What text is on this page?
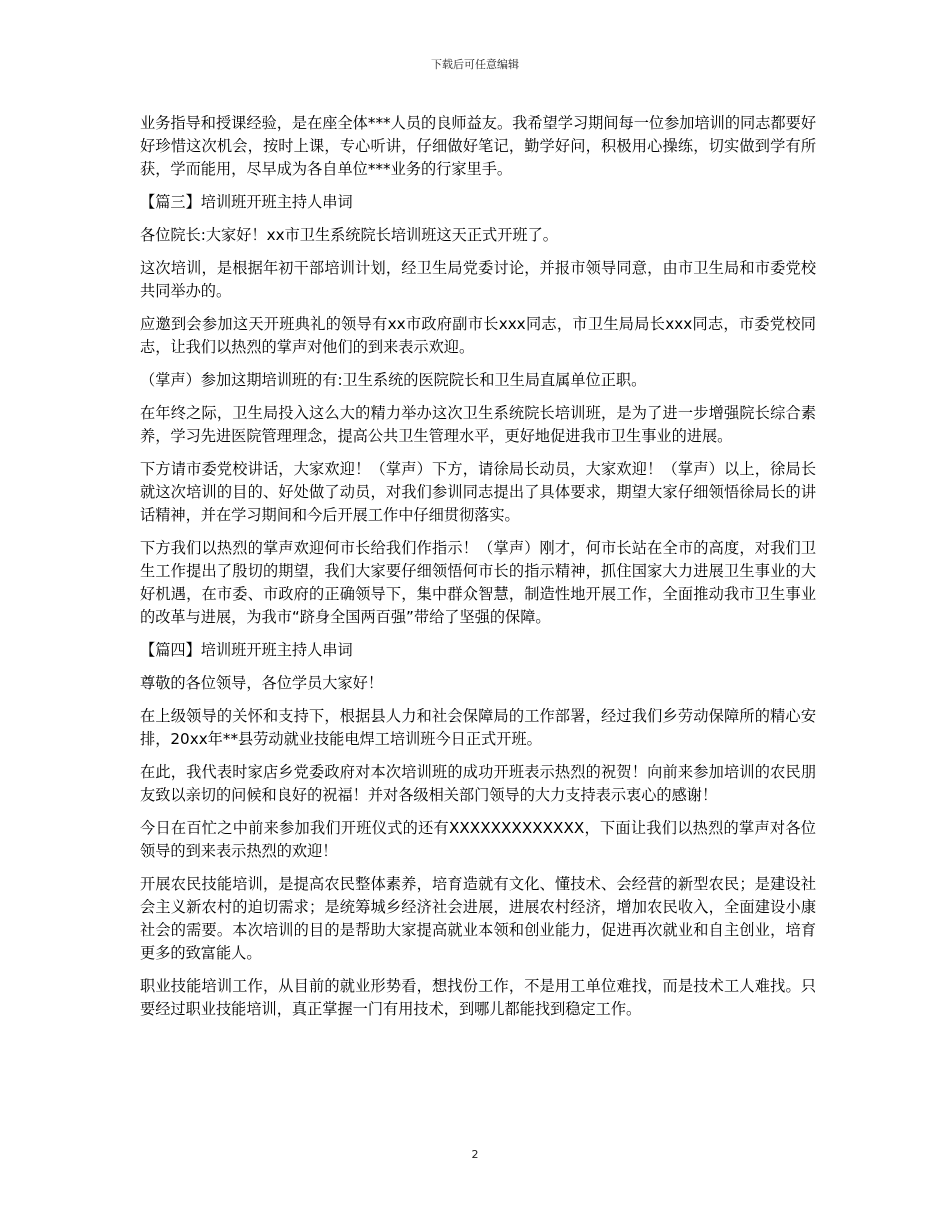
下载后可任意编辑

业务指导和授课经验，是在座全体***人员的良师益友。我希望学习期间每一位参加培训的同志都要好好珍惜这次机会，按时上课，专心听讲，仔细做好笔记，勤学好问，积极用心操练，切实做到学有所获，学而能用，尽早成为各自单位***业务的行家里手。

【篇三】培训班开班主持人串词

各位院长:大家好！xx市卫生系统院长培训班这天正式开班了。

这次培训，是根据年初干部培训计划，经卫生局党委讨论，并报市领导同意，由市卫生局和市委党校共同举办的。

应邀到会参加这天开班典礼的领导有xx市政府副市长xxx同志，市卫生局局长xxx同志，市委党校同志，让我们以热烈的掌声对他们的到来表示欢迎。

（掌声）参加这期培训班的有:卫生系统的医院院长和卫生局直属单位正职。

在年终之际，卫生局投入这么大的精力举办这次卫生系统院长培训班，是为了进一步增强院长综合素养，学习先进医院管理理念，提高公共卫生管理水平，更好地促进我市卫生事业的进展。

下方请市委党校讲话，大家欢迎！（掌声）下方，请徐局长动员，大家欢迎！（掌声）以上，徐局长就这次培训的目的、好处做了动员，对我们参训同志提出了具体要求，期望大家仔细领悟徐局长的讲话精神，并在学习期间和今后开展工作中仔细贯彻落实。

下方我们以热烈的掌声欢迎何市长给我们作指示！（掌声）刚才，何市长站在全市的高度，对我们卫生工作提出了殷切的期望，我们大家要仔细领悟何市长的指示精神，抓住国家大力进展卫生事业的大好机遇，在市委、市政府的正确领导下，集中群众智慧，制造性地开展工作，全面推动我市卫生事业的改革与进展，为我市“跻身全国两百强”带给了坚强的保障。

【篇四】培训班开班主持人串词

尊敬的各位领导，各位学员大家好！

在上级领导的关怀和支持下，根据县人力和社会保障局的工作部署，经过我们乡劳动保障所的精心安排，20xx年**县劳动就业技能电焊工培训班今日正式开班。

在此，我代表时家店乡党委政府对本次培训班的成功开班表示热烈的祝贺！向前来参加培训的农民朋友致以亲切的问候和良好的祝福！并对各级相关部门领导的大力支持表示衷心的感谢！

今日在百忙之中前来参加我们开班仪式的还有XXXXXXXXXXXXX，下面让我们以热烈的掌声对各位领导的到来表示热烈的欢迎！

开展农民技能培训，是提高农民整体素养，培育造就有文化、懂技术、会经营的新型农民；是建设社会主义新农村的迫切需求；是统筹城乡经济社会进展，进展农村经济，增加农民收入，全面建设小康社会的需要。本次培训的目的是帮助大家提高就业本领和创业能力，促进再次就业和自主创业，培育更多的致富能人。

职业技能培训工作，从目前的就业形势看，想找份工作，不是用工单位难找，而是技术工人难找。只要经过职业技能培训，真正掌握一门有用技术，到哪儿都能找到稳定工作。

2
